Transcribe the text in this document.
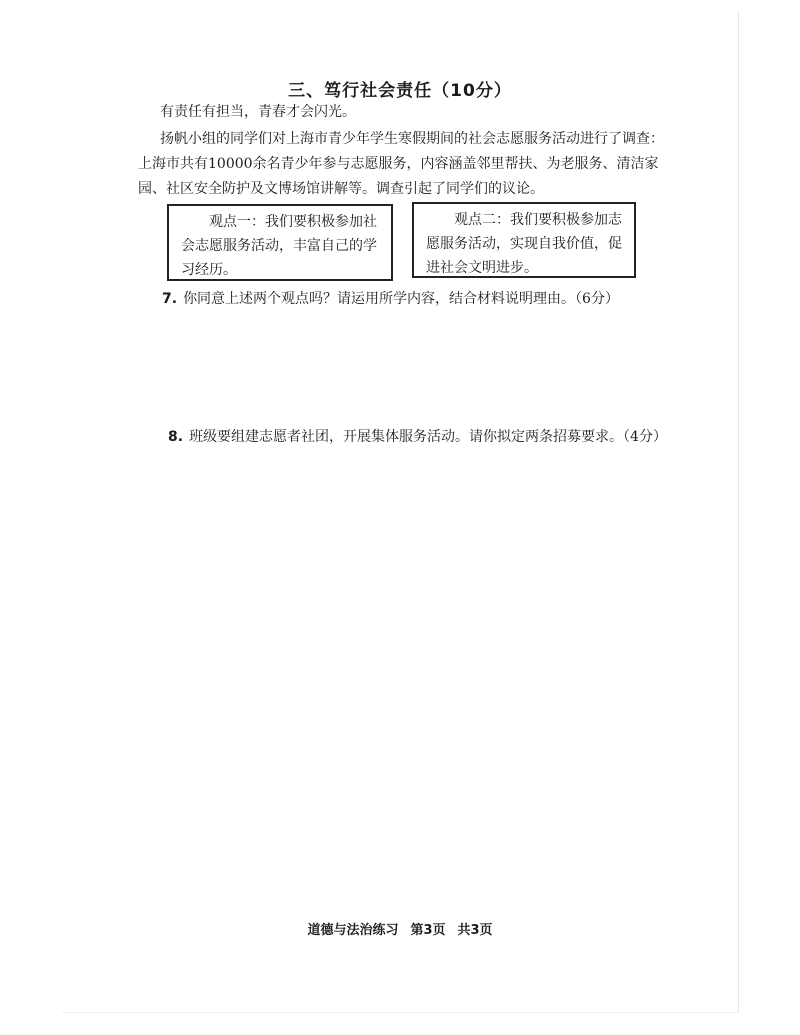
三、笃行社会责任（10分）
有责任有担当，青春才会闪光。
扬帆小组的同学们对上海市青少年学生寒假期间的社会志愿服务活动进行了调查：上海市共有10000余名青少年参与志愿服务，内容涵盖邻里帮扶、为老服务、清洁家园、社区安全防护及文博场馆讲解等。调查引起了同学们的议论。
观点一：我们要积极参加社会志愿服务活动，丰富自己的学习经历。
观点二：我们要积极参加志愿服务活动，实现自我价值，促进社会文明进步。
7. 你同意上述两个观点吗？请运用所学内容，结合材料说明理由。（6分）
8. 班级要组建志愿者社团，开展集体服务活动。请你拟定两条招募要求。（4分）
道德与法治练习 第3页 共3页
